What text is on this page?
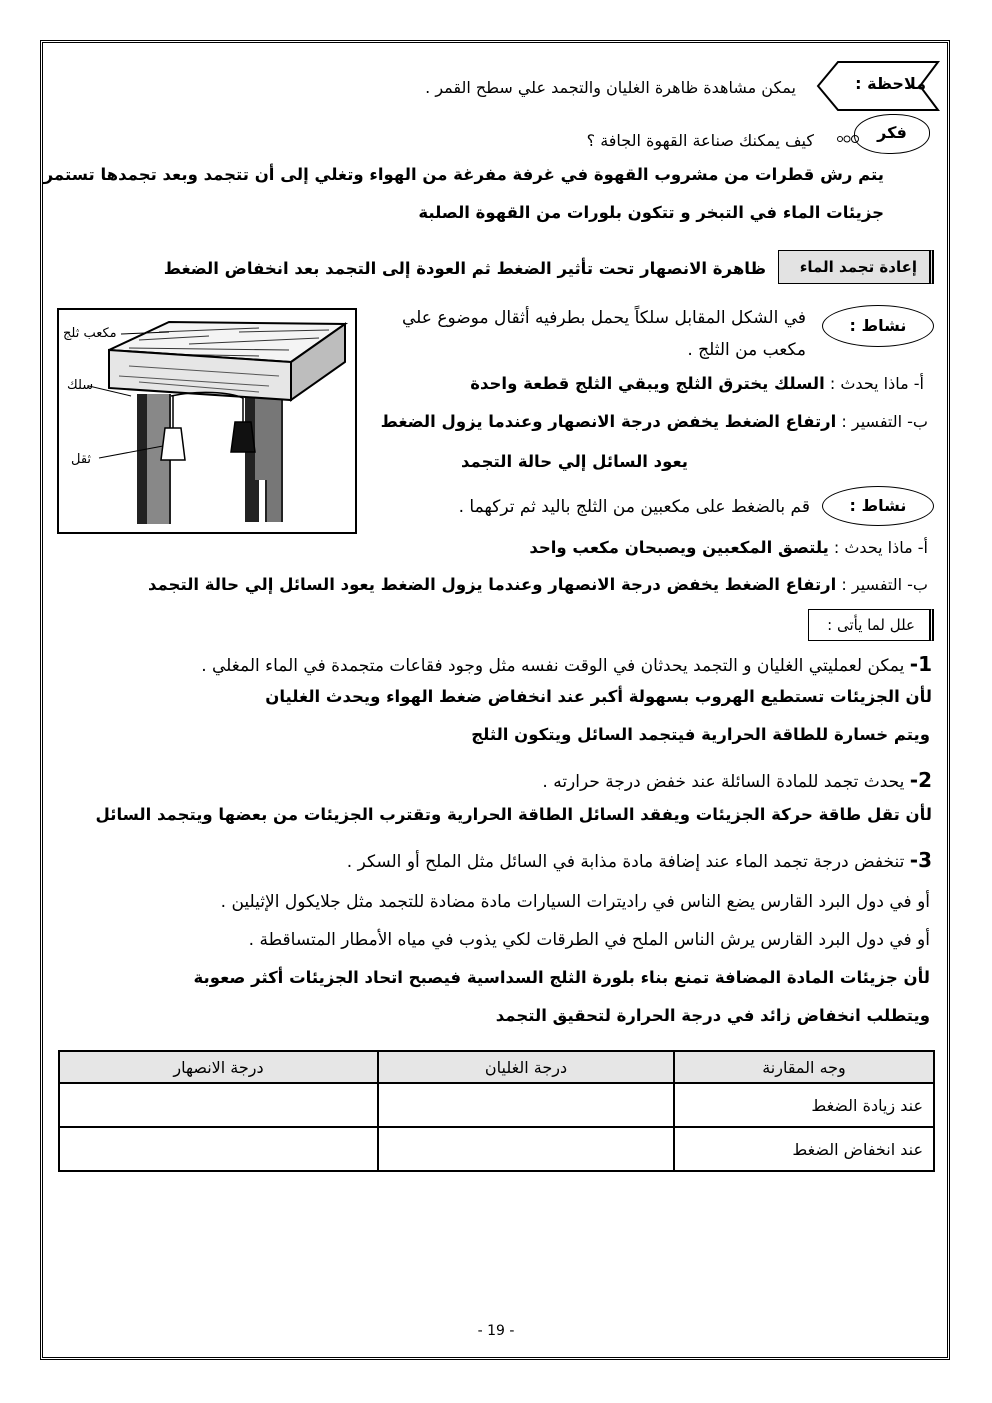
ملاحظة :
يمكن مشاهدة ظاهرة الغليان والتجمد علي سطح القمر .
فكر
كيف يمكنك صناعة القهوة الجافة ؟
يتم رش قطرات من مشروب القهوة في غرفة مفرغة من الهواء وتغلي إلى أن تتجمد وبعد تجمدها تستمر
جزيئات الماء في التبخر و تتكون بلورات من القهوة الصلبة
إعادة تجمد الماء
ظاهرة الانصهار تحت تأثير الضغط ثم العودة إلى التجمد بعد انخفاض الضغط
نشاط :
في الشكل المقابل سلكاً يحمل بطرفيه أثقال موضوع علي
مكعب من الثلج .
أ- ماذا يحدث : السلك يخترق الثلج ويبقي الثلج قطعة واحدة
ب- التفسير : ارتفاع الضغط يخفض درجة الانصهار وعندما يزول الضغط
يعود السائل إلي حالة التجمد
مكعب ثلج
سلك
ثقل
نشاط :
قم بالضغط على مكعبين من الثلج باليد ثم تركهما .
أ- ماذا يحدث : يلتصق المكعبين ويصبحان مكعب واحد
ب- التفسير : ارتفاع الضغط يخفض درجة الانصهار وعندما يزول الضغط يعود السائل إلي حالة التجمد
علل لما يأتى :
1- يمكن لعمليتي الغليان و التجمد يحدثان في الوقت نفسه مثل وجود فقاعات متجمدة في الماء المغلي .
لأن الجزيئات تستطيع الهروب بسهولة أكبر عند انخفاض ضغط الهواء ويحدث الغليان
ويتم خسارة للطاقة الحرارية فيتجمد السائل ويتكون الثلج
2- يحدث تجمد للمادة السائلة عند خفض درجة حرارته .
لأن تقل طاقة حركة الجزيئات ويفقد السائل الطاقة الحرارية وتقترب الجزيئات من بعضها ويتجمد السائل
3- تنخفض درجة تجمد الماء عند إضافة مادة مذابة في السائل مثل الملح أو السكر .
أو في دول البرد القارس يضع الناس في راديترات السيارات مادة مضادة للتجمد مثل جلايكول الإثيلين .
أو في دول البرد القارس يرش الناس الملح في الطرقات لكي يذوب في مياه الأمطار المتساقطة .
لأن جزيئات المادة المضافة تمنع بناء بلورة الثلج السداسية فيصبح اتحاد الجزيئات أكثر صعوبة
ويتطلب انخفاض زائد في درجة الحرارة لتحقيق التجمد
وجه المقارنة	درجة الغليان	درجة الانصهار
عند زيادة الضغط		
عند انخفاض الضغط		
- 19 -
